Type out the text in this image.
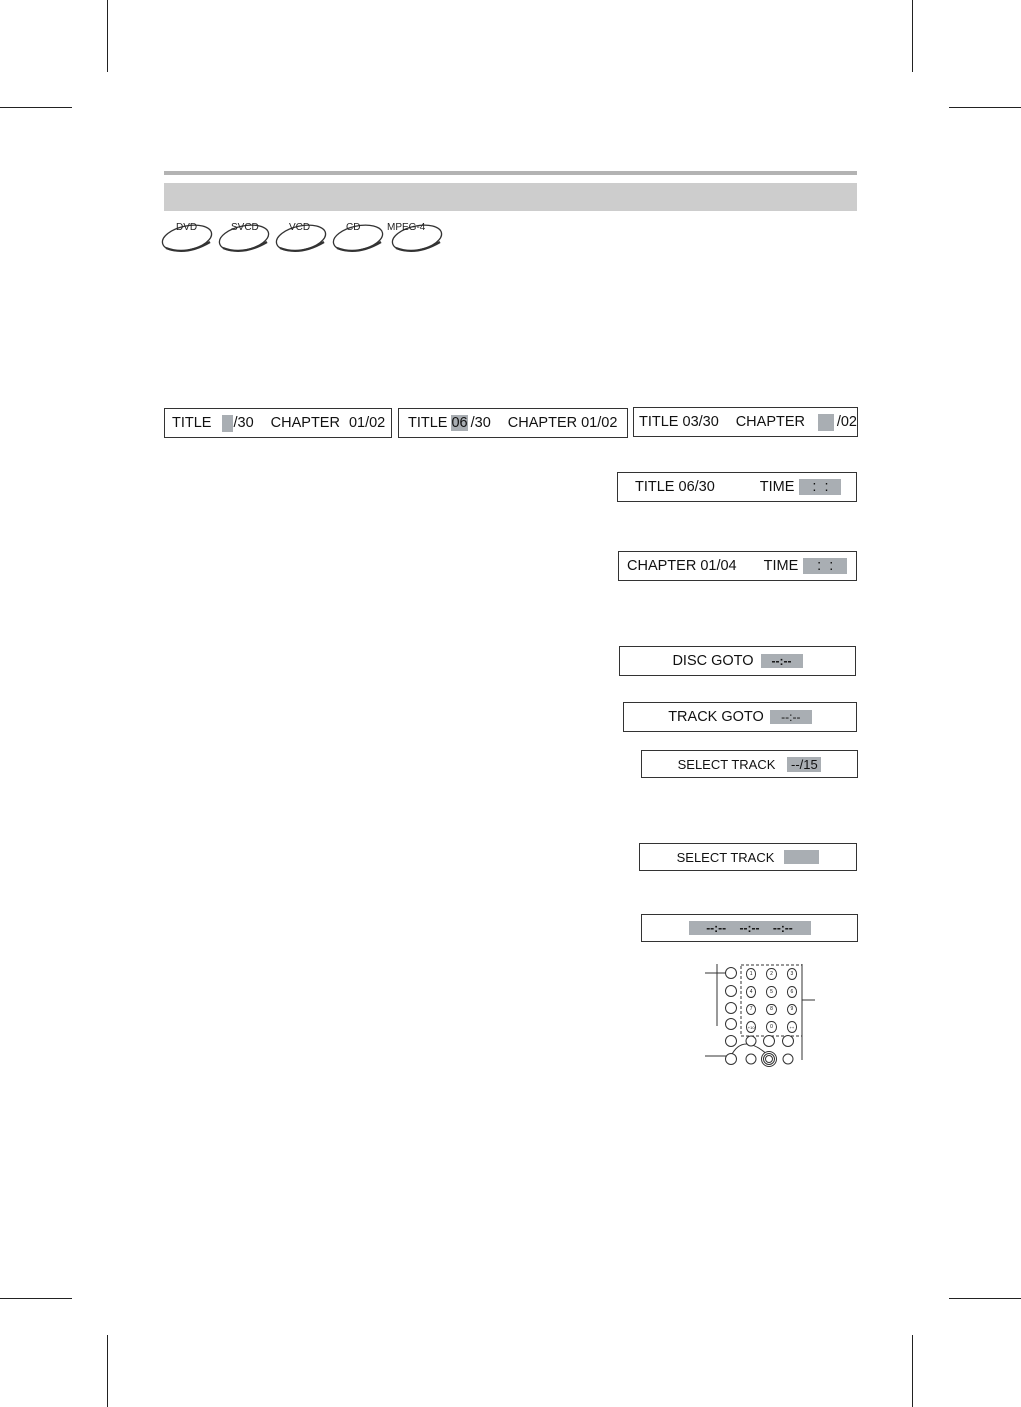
DVD	SVCD	VCD	CD	MPEG-4
TITLE /30 CHAPTER 01/02 TITLE 06 /30 CHAPTER 01/02 TITLE 03/30 CHAPTER /02
TITLE 06/30	TIME :  :
CHAPTER 01/04 TIME	:  :
DISC GOTO	--:--
TRACK GOTO	--:--
SELECT TRACK --/15
SELECT TRACK
--:--    --:--    --:--
1	2	3
4	5	6
7	8	9
+10	0	++
